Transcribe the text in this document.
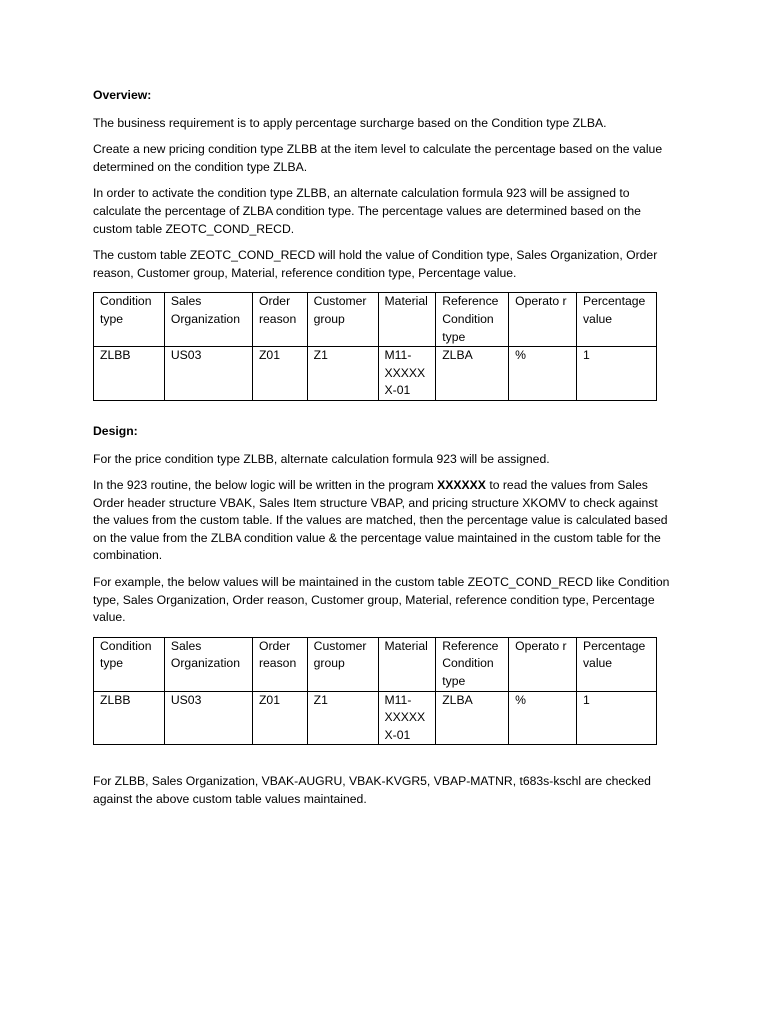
Overview:

The business requirement is to apply percentage surcharge based on the Condition type ZLBA.

Create a new pricing condition type ZLBB at the item level to calculate the percentage based on the value determined on the condition type ZLBA.

In order to activate the condition type ZLBB, an alternate calculation formula 923 will be assigned to calculate the percentage of ZLBA condition type. The percentage values are determined based on the custom table ZEOTC_COND_RECD.

The custom table ZEOTC_COND_RECD will hold the value of Condition type, Sales Organization, Order reason, Customer group, Material, reference condition type, Percentage value.

Condition type	Sales Organization	Order reason	Customer group	Material	Reference Condition type	Operato r	Percentage value
ZLBB	US03	Z01	Z1	M11-XXXXXX-01	ZLBA	%	1

Design:

For the price condition type ZLBB, alternate calculation formula 923 will be assigned.

In the 923 routine, the below logic will be written in the program XXXXXX to read the values from Sales Order header structure VBAK, Sales Item structure VBAP, and pricing structure XKOMV to check against the values from the custom table. If the values are matched, then the percentage value is calculated based on the value from the ZLBA condition value & the percentage value maintained in the custom table for the combination.

For example, the below values will be maintained in the custom table ZEOTC_COND_RECD like Condition type, Sales Organization, Order reason, Customer group, Material, reference condition type, Percentage value.

Condition type	Sales Organization	Order reason	Customer group	Material	Reference Condition type	Operato r	Percentage value
ZLBB	US03	Z01	Z1	M11-XXXXXX-01	ZLBA	%	1

For ZLBB, Sales Organization, VBAK-AUGRU, VBAK-KVGR5, VBAP-MATNR, t683s-kschl are checked against the above custom table values maintained.
